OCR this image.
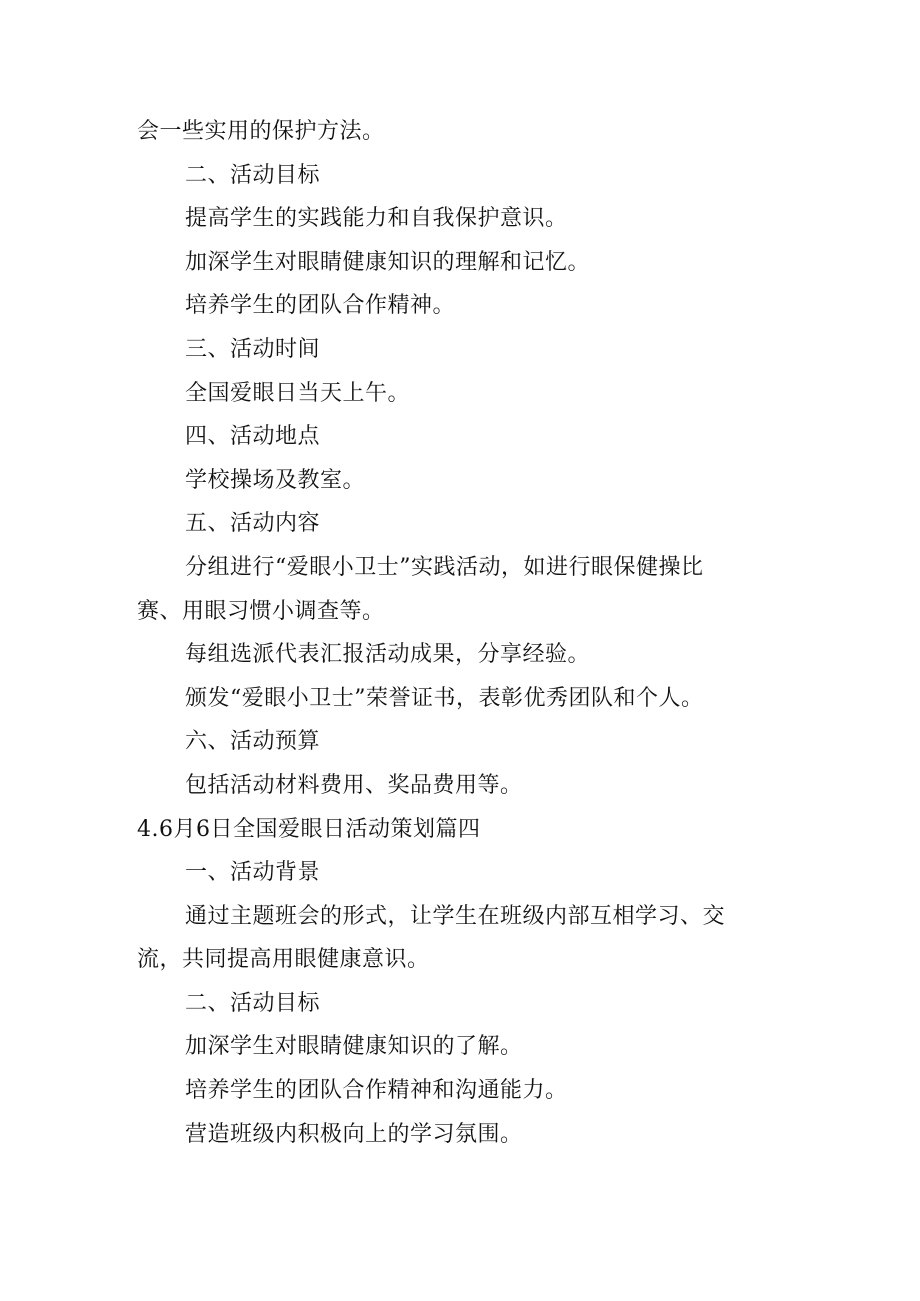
会一些实用的保护方法。
二、活动目标
提高学生的实践能力和自我保护意识。
加深学生对眼睛健康知识的理解和记忆。
培养学生的团队合作精神。
三、活动时间
全国爱眼日当天上午。
四、活动地点
学校操场及教室。
五、活动内容
分组进行“爱眼小卫士”实践活动，如进行眼保健操比
赛、用眼习惯小调查等。
每组选派代表汇报活动成果，分享经验。
颁发“爱眼小卫士”荣誉证书，表彰优秀团队和个人。
六、活动预算
包括活动材料费用、奖品费用等。
4.6月6日全国爱眼日活动策划篇四
一、活动背景
通过主题班会的形式，让学生在班级内部互相学习、交
流，共同提高用眼健康意识。
二、活动目标
加深学生对眼睛健康知识的了解。
培养学生的团队合作精神和沟通能力。
营造班级内积极向上的学习氛围。
